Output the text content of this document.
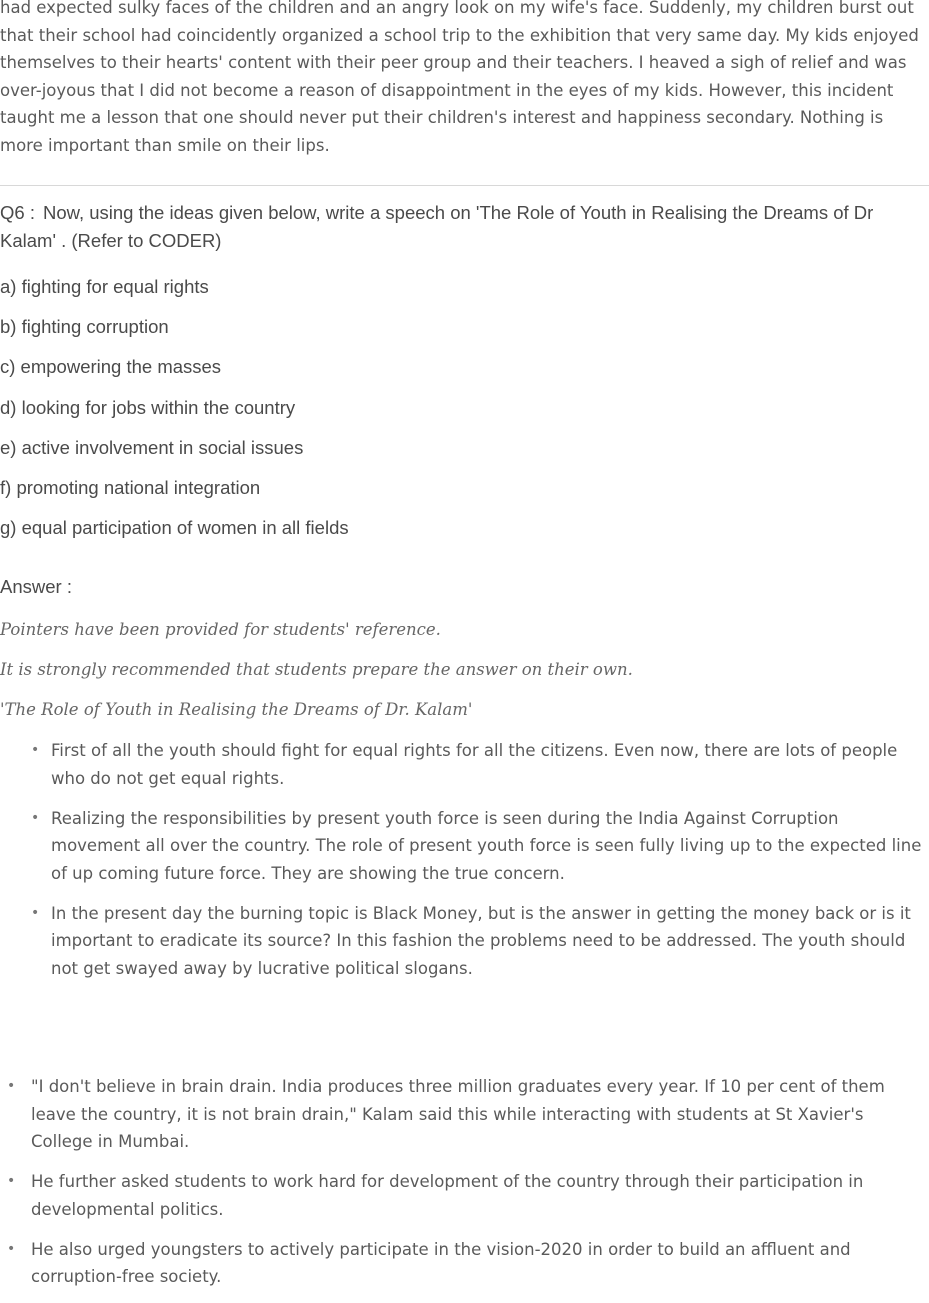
had expected sulky faces of the children and an angry look on my wife's face. Suddenly, my children burst out that their school had coincidently organized a school trip to the exhibition that very same day. My kids enjoyed themselves to their hearts' content with their peer group and their teachers. I heaved a sigh of relief and was over-joyous that I did not become a reason of disappointment in the eyes of my kids. However, this incident taught me a lesson that one should never put their children's interest and happiness secondary. Nothing is more important than smile on their lips.

Q6 : Now, using the ideas given below, write a speech on 'The Role of Youth in Realising the Dreams of Dr Kalam' . (Refer to CODER)

a) fighting for equal rights
b) fighting corruption
c) empowering the masses
d) looking for jobs within the country
e) active involvement in social issues
f) promoting national integration
g) equal participation of women in all fields

Answer :

Pointers have been provided for students' reference.

It is strongly recommended that students prepare the answer on their own.

'The Role of Youth in Realising the Dreams of Dr. Kalam'

• First of all the youth should fight for equal rights for all the citizens. Even now, there are lots of people who do not get equal rights.
• Realizing the responsibilities by present youth force is seen during the India Against Corruption movement all over the country. The role of present youth force is seen fully living up to the expected line of up coming future force. They are showing the true concern.
• In the present day the burning topic is Black Money, but is the answer in getting the money back or is it important to eradicate its source? In this fashion the problems need to be addressed. The youth should not get swayed away by lucrative political slogans.
• "I don't believe in brain drain. India produces three million graduates every year. If 10 per cent of them leave the country, it is not brain drain," Kalam said this while interacting with students at St Xavier's College in Mumbai.
• He further asked students to work hard for development of the country through their participation in developmental politics.
• He also urged youngsters to actively participate in the vision-2020 in order to build an affluent and corruption-free society.
